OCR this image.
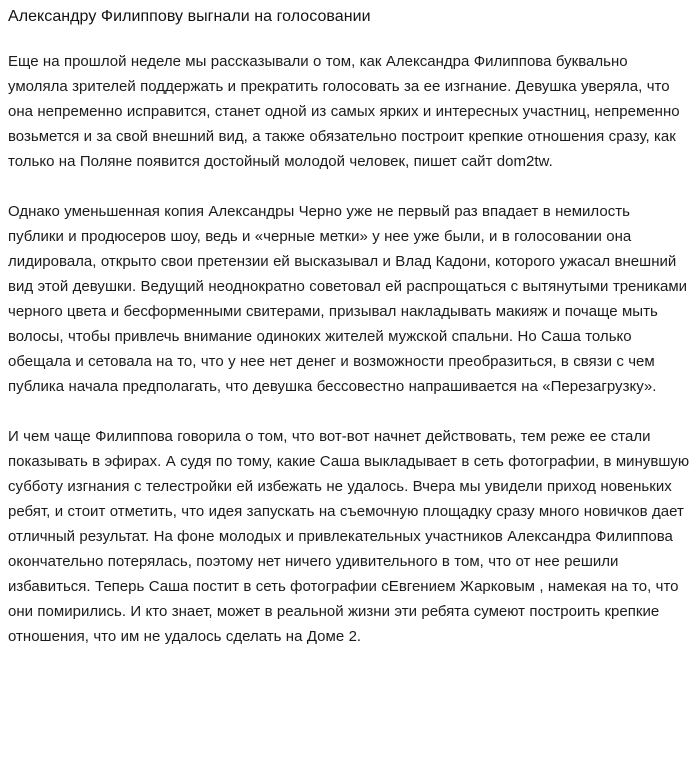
Александру Филиппову выгнали на голосовании

Еще на прошлой неделе мы рассказывали о том, как Александра Филиппова буквально умоляла зрителей поддержать и прекратить голосовать за ее изгнание. Девушка уверяла, что она непременно исправится, станет одной из самых ярких и интересных участниц, непременно возьмется и за свой внешний вид, а также обязательно построит крепкие отношения сразу, как только на Поляне появится достойный молодой человек, пишет сайт dom2tw.

Однако уменьшенная копия Александры Черно уже не первый раз впадает в немилость публики и продюсеров шоу, ведь и «черные метки» у нее уже были, и в голосовании она лидировала, открыто свои претензии ей высказывал и Влад Кадони, которого ужасал внешний вид этой девушки. Ведущий неоднократно советовал ей распрощаться с вытянутыми трениками черного цвета и бесформенными свитерами, призывал накладывать макияж и почаще мыть волосы, чтобы привлечь внимание одиноких жителей мужской спальни. Но Саша только обещала и сетовала на то, что у нее нет денег и возможности преобразиться, в связи с чем публика начала предполагать, что девушка бессовестно напрашивается на «Перезагрузку».

И чем чаще Филиппова говорила о том, что вот-вот начнет действовать, тем реже ее стали показывать в эфирах. А судя по тому, какие Саша выкладывает в сеть фотографии, в минувшую субботу изгнания с телестройки ей избежать не удалось. Вчера мы увидели приход новеньких ребят, и стоит отметить, что идея запускать на съемочную площадку сразу много новичков дает отличный результат. На фоне молодых и привлекательных участников Александра Филиппова окончательно потерялась, поэтому нет ничего удивительного в том, что от нее решили избавиться. Теперь Саша постит в сеть фотографии сЕвгением Жарковым , намекая на то, что они помирились. И кто знает, может в реальной жизни эти ребята сумеют построить крепкие отношения, что им не удалось сделать на Доме 2.
